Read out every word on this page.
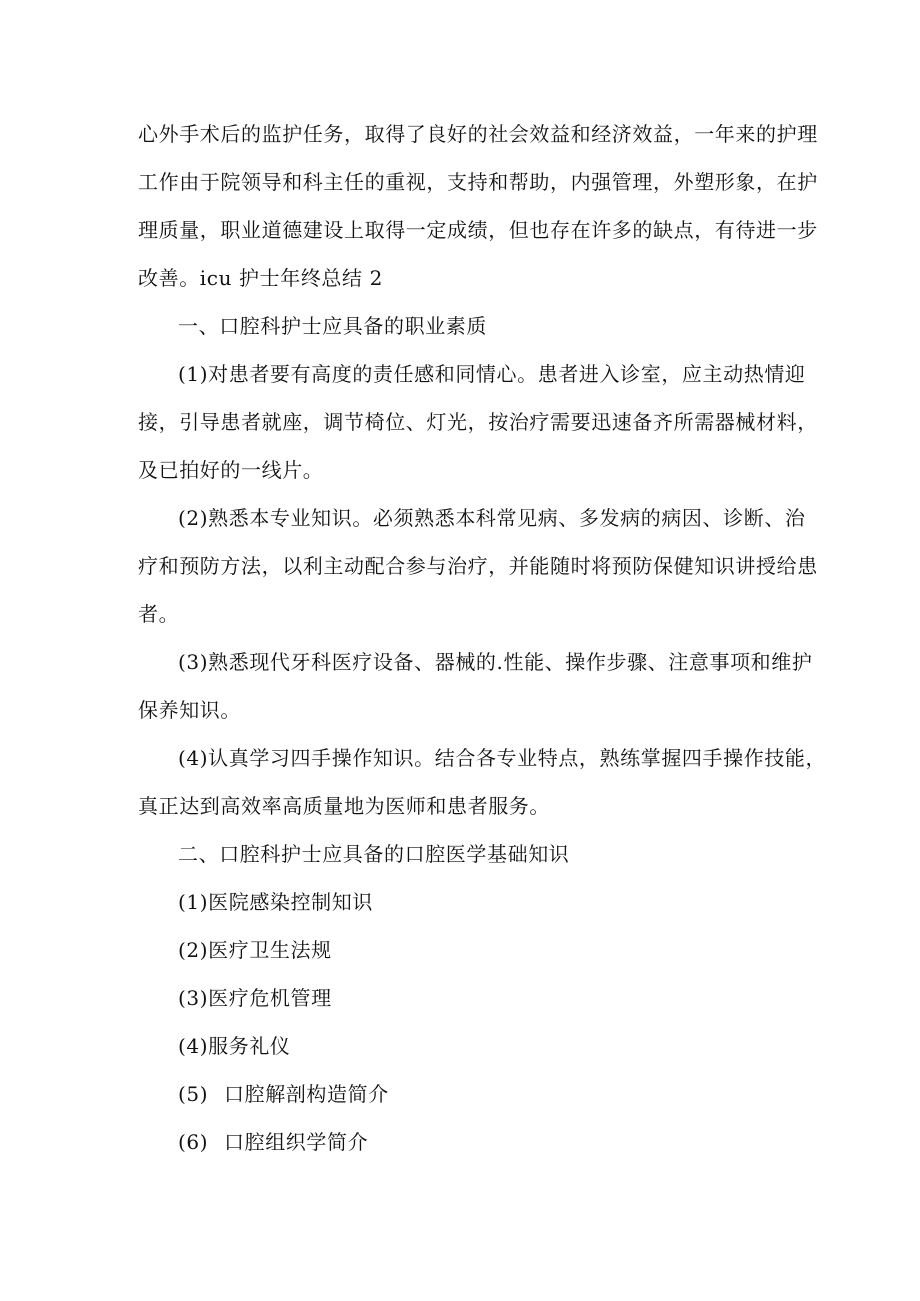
心外手术后的监护任务，取得了良好的社会效益和经济效益，一年来的护理
工作由于院领导和科主任的重视，支持和帮助，内强管理，外塑形象，在护
理质量，职业道德建设上取得一定成绩，但也存在许多的缺点，有待进一步
改善。icu 护士年终总结 2

一、口腔科护士应具备的职业素质

(1)对患者要有高度的责任感和同情心。患者进入诊室，应主动热情迎
接，引导患者就座，调节椅位、灯光，按治疗需要迅速备齐所需器械材料，
及已拍好的一线片。

(2)熟悉本专业知识。必须熟悉本科常见病、多发病的病因、诊断、治
疗和预防方法，以利主动配合参与治疗，并能随时将预防保健知识讲授给患
者。

(3)熟悉现代牙科医疗设备、器械的.性能、操作步骤、注意事项和维护
保养知识。

(4)认真学习四手操作知识。结合各专业特点，熟练掌握四手操作技能，
真正达到高效率高质量地为医师和患者服务。

二、口腔科护士应具备的口腔医学基础知识

(1)医院感染控制知识

(2)医疗卫生法规

(3)医疗危机管理

(4)服务礼仪

(5) 口腔解剖构造简介

(6) 口腔组织学简介
